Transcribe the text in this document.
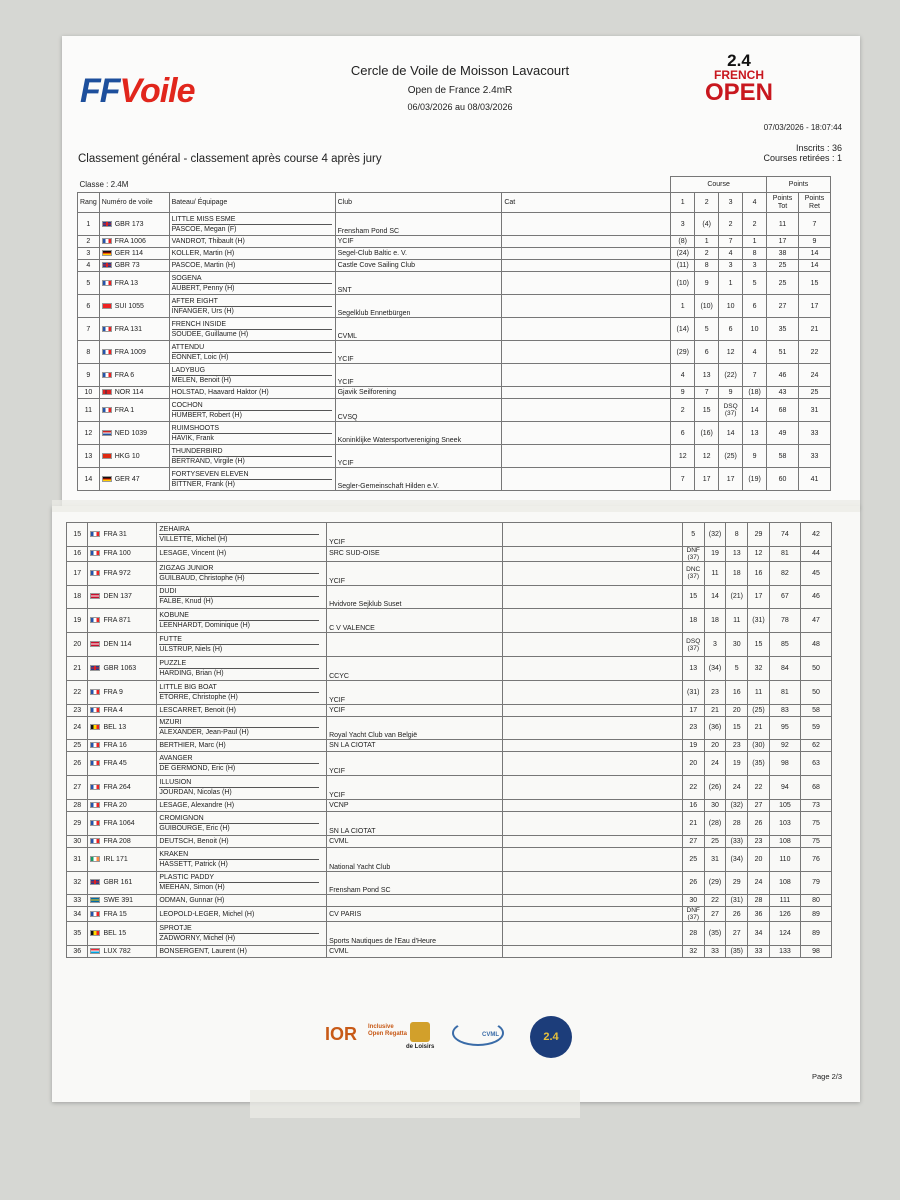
FFVoile
Cercle de Voile de Moisson Lavacourt
Open de France 2.4mR
06/03/2026 au 08/03/2026
2.4
FRENCH
OPEN
07/03/2026 - 18:07:44
Inscrits : 36
Courses retirées : 1
Classement général - classement après course 4 après jury
Classe : 2.4M					Course				Points	
Rang	Numéro de voile	Bateau/ Équipage	Club	Cat	1	2	3	4	Points Tot	Points Ret
1	GBR 173	LITTLE MISS ESME
PASCOE, Megan (F)	Frensham Pond SC		3	(4)	2	2	11	7
2	FRA 1006	VANDROT, Thibault (H)	YCIF		(8)	1	7	1	17	9
3	GER 114	KOLLER, Martin (H)	Segel-Club Baltic e. V.		(24)	2	4	8	38	14
4	GBR 73	PASCOE, Martin (H)	Castle Cove Sailing Club		(11)	8	3	3	25	14
5	FRA 13	SOGENA
AUBERT, Penny (H)	SNT		(10)	9	1	5	25	15
6	SUI 1055	AFTER EIGHT
INFANGER, Urs (H)	Segelklub Ennetbürgen		1	(10)	10	6	27	17
7	FRA 131	FRENCH INSIDE
SOUDEE, Guillaume (H)	CVML		(14)	5	6	10	35	21
8	FRA 1009	ATTENDU
EONNET, Loic (H)	YCIF		(29)	6	12	4	51	22
9	FRA 6	LADYBUG
MELEN, Benoit (H)	YCIF		4	13	(22)	7	46	24
10	NOR 114	HOLSTAD, Haavard Haktor (H)	Gjavik Seilforening		9	7	9	(18)	43	25
11	FRA 1	COCHON
HUMBERT, Robert (H)	CVSQ		2	15	DSQ (37)	14	68	31
12	NED 1039	RUIMSHOOTS
HAVIK, Frank	Koninklijke Watersportvereniging Sneek		6	(16)	14	13	49	33
13	HKG 10	THUNDERBIRD
BERTRAND, Virgile (H)	YCIF		12	12	(25)	9	58	33
14	GER 47	FORTYSEVEN ELEVEN
BITTNER, Frank (H)	Segler-Gemeinschaft Hilden e.V.		7	17	17	(19)	60	41
15	FRA 31	ZEHAIRA
VILLETTE, Michel (H)	YCIF		5	(32)	8	29	74	42
16	FRA 100	LESAGE, Vincent (H)	SRC SUD-OISE		DNF (37)	19	13	12	81	44
17	FRA 972	ZIGZAG JUNIOR
GUILBAUD, Christophe (H)	YCIF		DNC (37)	11	18	16	82	45
18	DEN 137	DUDI
FALBE, Knud (H)	Hvidvore Sejklub Suset		15	14	(21)	17	67	46
19	FRA 871	KOBUNE
LEENHARDT, Dominique (H)	C V VALENCE		18	18	11	(31)	78	47
20	DEN 114	FUTTE
ULSTRUP, Niels (H)			DSQ (37)	3	30	15	85	48
21	GBR 1063	PUZZLE
HARDING, Brian (H)	CCYC		13	(34)	5	32	84	50
22	FRA 9	LITTLE BIG BOAT
ETORRE, Christophe (H)	YCIF		(31)	23	16	11	81	50
23	FRA 4	LESCARRET, Benoit (H)	YCIF		17	21	20	(25)	83	58
24	BEL 13	MZURI
ALEXANDER, Jean-Paul (H)	Royal Yacht Club van België		23	(36)	15	21	95	59
25	FRA 16	BERTHIER, Marc (H)	SN LA CIOTAT		19	20	23	(30)	92	62
26	FRA 45	AVANGER
DE GERMOND, Eric (H)	YCIF		20	24	19	(35)	98	63
27	FRA 264	ILLUSION
JOURDAN, Nicolas (H)	YCIF		22	(26)	24	22	94	68
28	FRA 20	LESAGE, Alexandre (H)	VCNP		16	30	(32)	27	105	73
29	FRA 1064	CROMIGNON
GUIBOURGE, Eric (H)	SN LA CIOTAT		21	(28)	28	26	103	75
30	FRA 208	DEUTSCH, Benoit (H)	CVML		27	25	(33)	23	108	75
31	IRL 171	KRAKEN
HASSETT, Patrick (H)	National Yacht Club		25	31	(34)	20	110	76
32	GBR 161	PLASTIC PADDY
MEEHAN, Simon (H)	Frensham Pond SC		26	(29)	29	24	108	79
33	SWE 391	ODMAN, Gunnar (H)			30	22	(31)	28	111	80
34	FRA 15	LEOPOLD-LEGER, Michel (H)	CV PARIS		DNF (37)	27	26	36	126	89
35	BEL 15	SPROTJE
ZADWORNY, Michel (H)	Sports Nautiques de l'Eau d'Heure		28	(35)	27	34	124	89
36	LUX 782	BONSERGENT, Laurent (H)	CVML		32	33	(35)	33	133	98
IOR Inclusive Open Regatta
de Loisirs
CVML	2.4
Page 2/3
